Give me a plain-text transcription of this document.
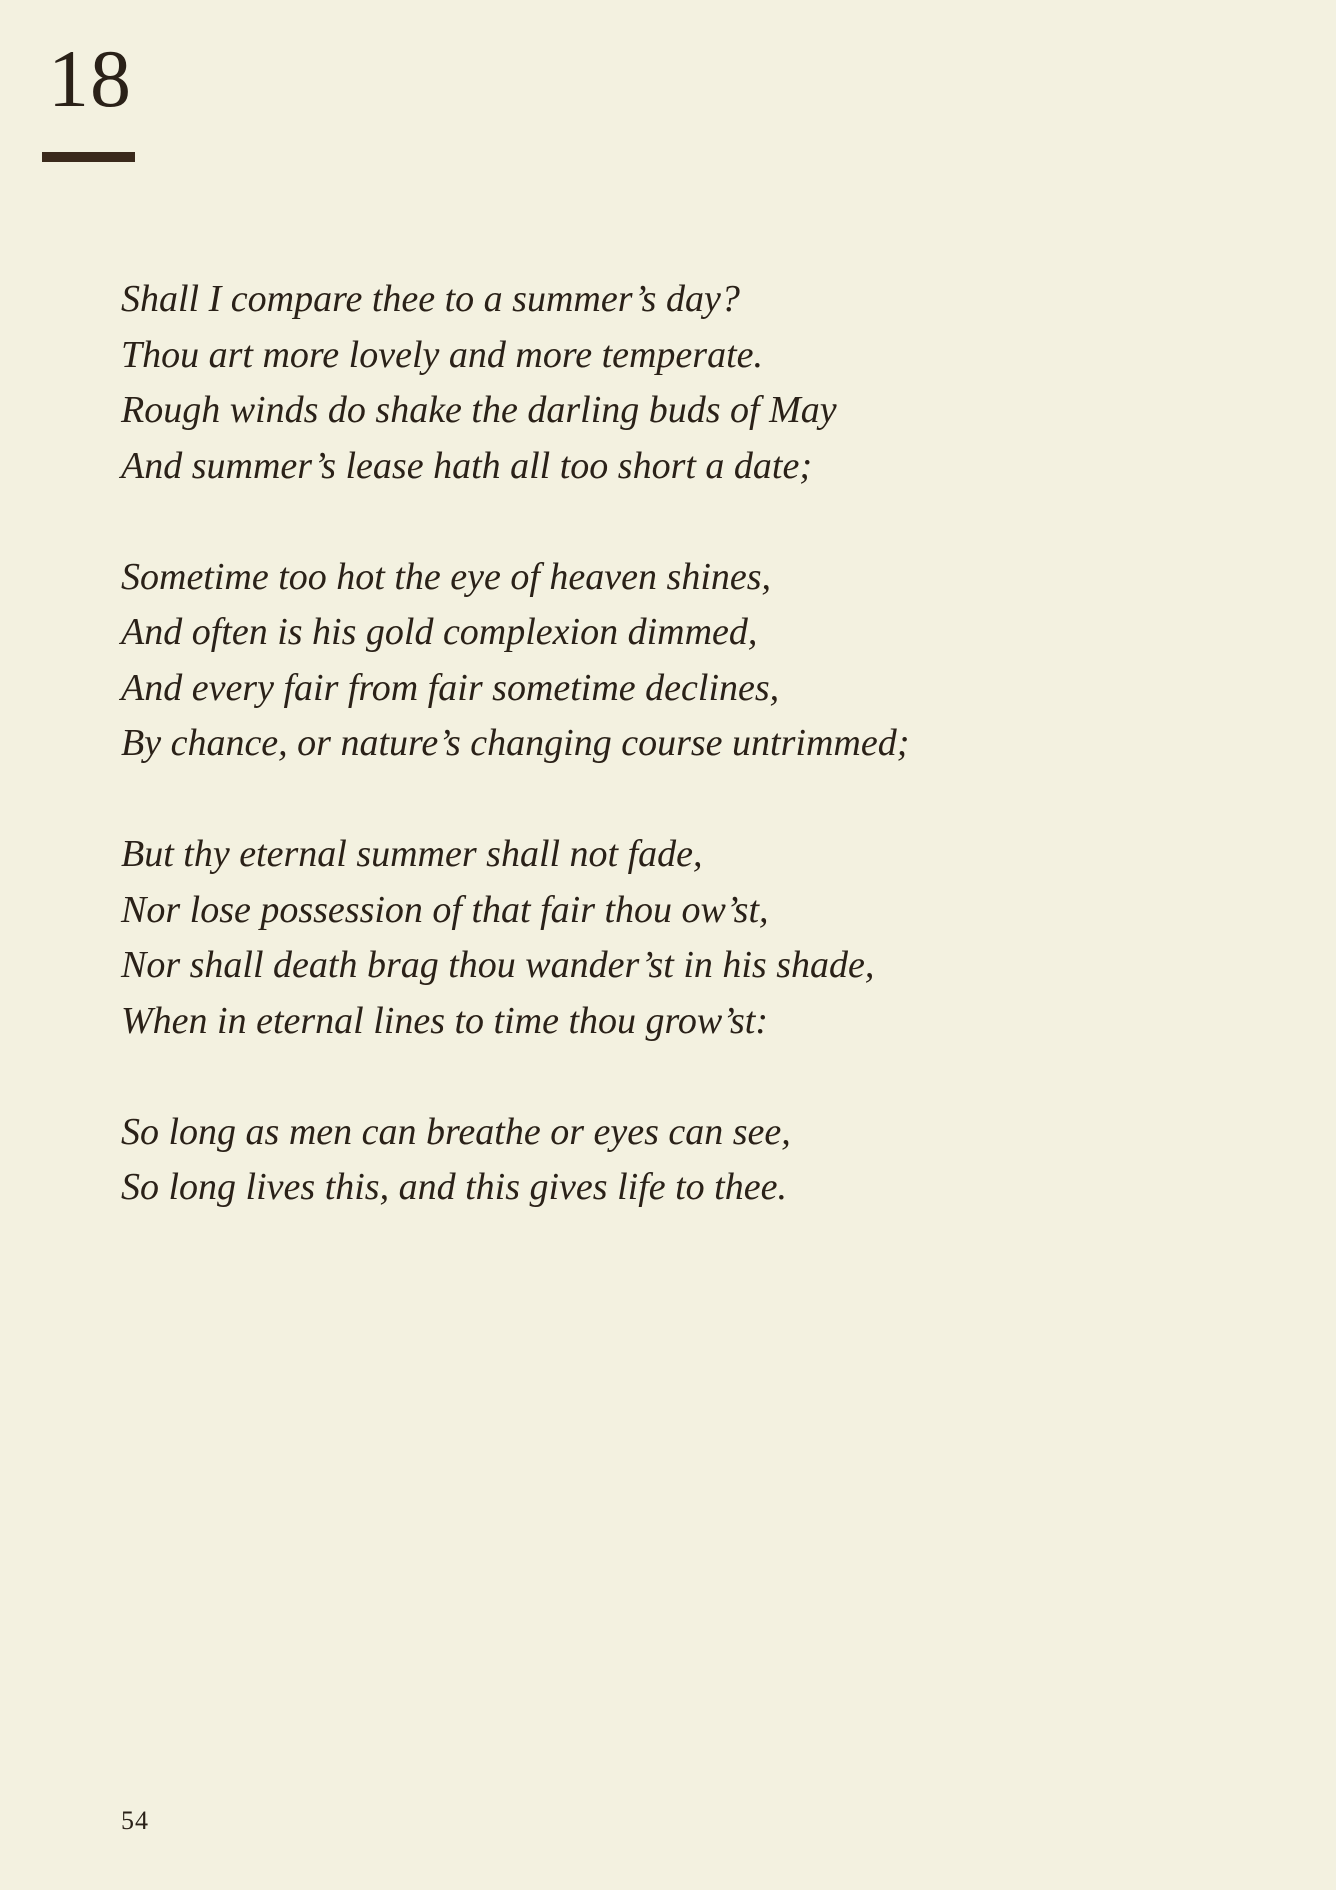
18
Shall I compare thee to a summer’s day?
Thou art more lovely and more temperate.
Rough winds do shake the darling buds of May
And summer’s lease hath all too short a date;
Sometime too hot the eye of heaven shines,
And often is his gold complexion dimmed,
And every fair from fair sometime declines,
By chance, or nature’s changing course untrimmed;
But thy eternal summer shall not fade,
Nor lose possession of that fair thou ow’st,
Nor shall death brag thou wander’st in his shade,
When in eternal lines to time thou grow’st:
So long as men can breathe or eyes can see,
So long lives this, and this gives life to thee.
54
